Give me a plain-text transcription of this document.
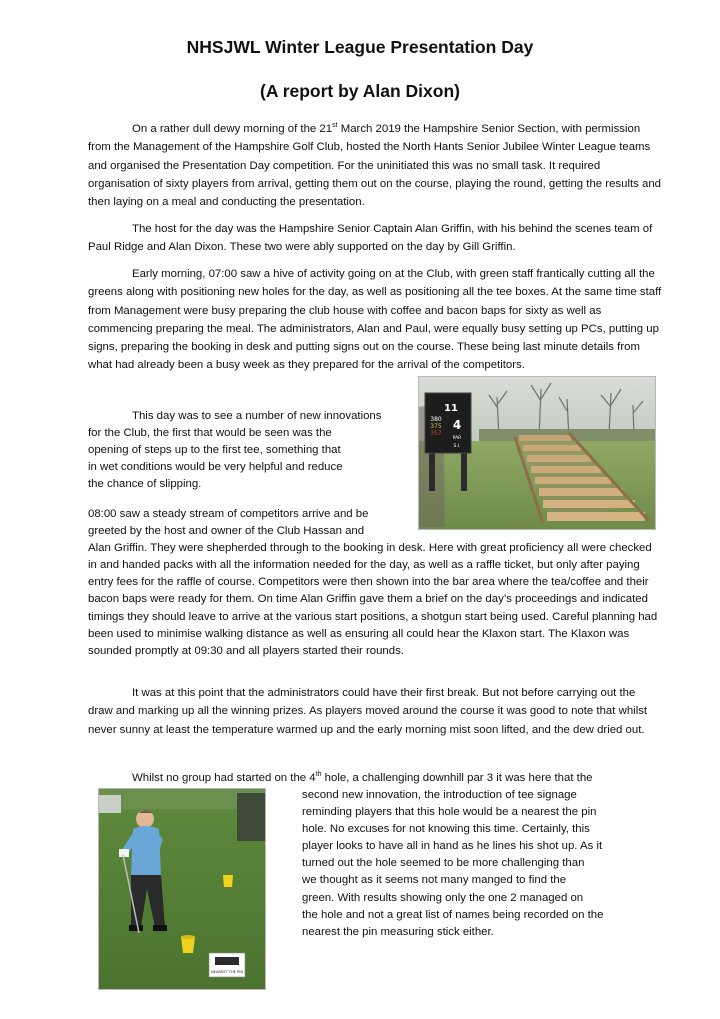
NHSJWL Winter League Presentation Day
(A report by Alan Dixon)

On a rather dull dewy morning of the 21st March 2019 the Hampshire Senior Section, with permission from the Management of the Hampshire Golf Club, hosted the North Hants Senior Jubilee Winter League teams and organised the Presentation Day competition. For the uninitiated this was no small task. It required organisation of sixty players from arrival, getting them out on the course, playing the round, getting the results and then laying on a meal and conducting the presentation.

The host for the day was the Hampshire Senior Captain Alan Griffin, with his behind the scenes team of Paul Ridge and Alan Dixon. These two were ably supported on the day by Gill Griffin.

Early morning, 07:00 saw a hive of activity going on at the Club, with green staff frantically cutting all the greens along with positioning new holes for the day, as well as positioning all the tee boxes. At the same time staff from Management were busy preparing the club house with coffee and bacon baps for sixty as well as commencing preparing the meal. The administrators, Alan and Paul, were equally busy setting up PCs, putting up signs, preparing the booking in desk and putting signs out on the course. These being last minute details from what had already been a busy week as they prepared for the arrival of the competitors.

This day was to see a number of new innovations
for the Club, the first that would be seen was the
opening of steps up to the first tee, something that
in wet conditions would be very helpful and reduce
the chance of slipping.
08:00 saw a steady stream of competitors arrive and be
greeted by the host and owner of the Club Hassan and
Alan Griffin. They were shepherded through to the booking in desk. Here with great proficiency all were checked in and handed packs with all the information needed for the day, as well as a raffle ticket, but only after paying entry fees for the raffle of course. Competitors were then shown into the bar area where the tea/coffee and their bacon baps were ready for them. On time Alan Griffin gave them a brief on the day’s proceedings and indicated timings they should leave to arrive at the various start positions, a shotgun start being used. Careful planning had been used to minimise walking distance as well as ensuring all could hear the Klaxon start. The Klaxon was sounded promptly at 09:30 and all players started their rounds.

It was at this point that the administrators could have their first break. But not before carrying out the draw and marking up all the winning prizes. As players moved around the course it was good to note that whilst never sunny at least the temperature warmed up and the early morning mist soon lifted, and the dew dried out.

Whilst no group had started on the 4th hole, a challenging downhill par 3 it was here that the

second new innovation, the introduction of tee signage
reminding players that this hole would be a nearest the pin
hole. No excuses for not knowing this time. Certainly, this
player looks to have all in hand as he lines his shot up. As it
turned out the hole seemed to be more challenging than
we thought as it seems not many manged to find the
green. With results showing only the one 2 managed on
the hole and not a great list of names being recorded on the
nearest the pin measuring stick either.
11
380
375
357
4
PAR
S.I.
NEAREST THE PIN
